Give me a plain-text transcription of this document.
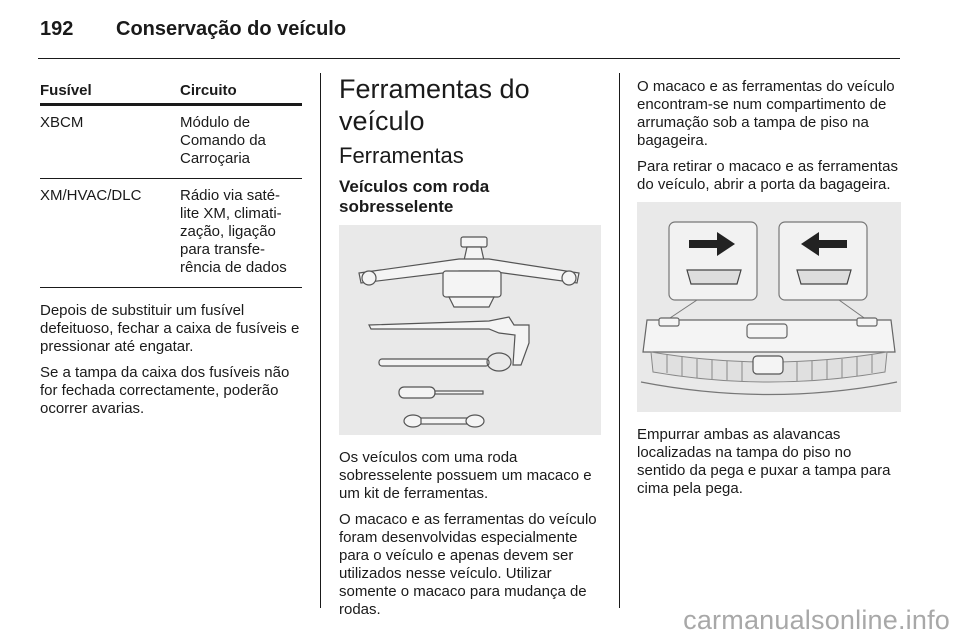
192 Conservação do veículo
Fusível	Circuito
XBCM	Módulo de
Comando da
Carroçaria
XM/HVAC/DLC	Rádio via saté-
lite XM, climati-
zação, ligação
para transfe-
rência de dados

Depois de substituir um fusível defeituoso, fechar a caixa de fusíveis e pressionar até engatar.

Se a tampa da caixa dos fusíveis não for fechada correctamente, poderão ocorrer avarias.

Ferramentas do veículo
Ferramentas
Veículos com roda sobresselente

Os veículos com uma roda sobresselente possuem um macaco e um kit de ferramentas.

O macaco e as ferramentas do veículo foram desenvolvidas especialmente para o veículo e apenas devem ser utilizados nesse veículo. Utilizar somente o macaco para mudança de rodas.

O macaco e as ferramentas do veículo encontram-se num compartimento de arrumação sob a tampa de piso na bagageira.

Para retirar o macaco e as ferramentas do veículo, abrir a porta da bagageira.

Empurrar ambas as alavancas localizadas na tampa do piso no sentido da pega e puxar a tampa para cima pela pega.

carmanualsonline.info
